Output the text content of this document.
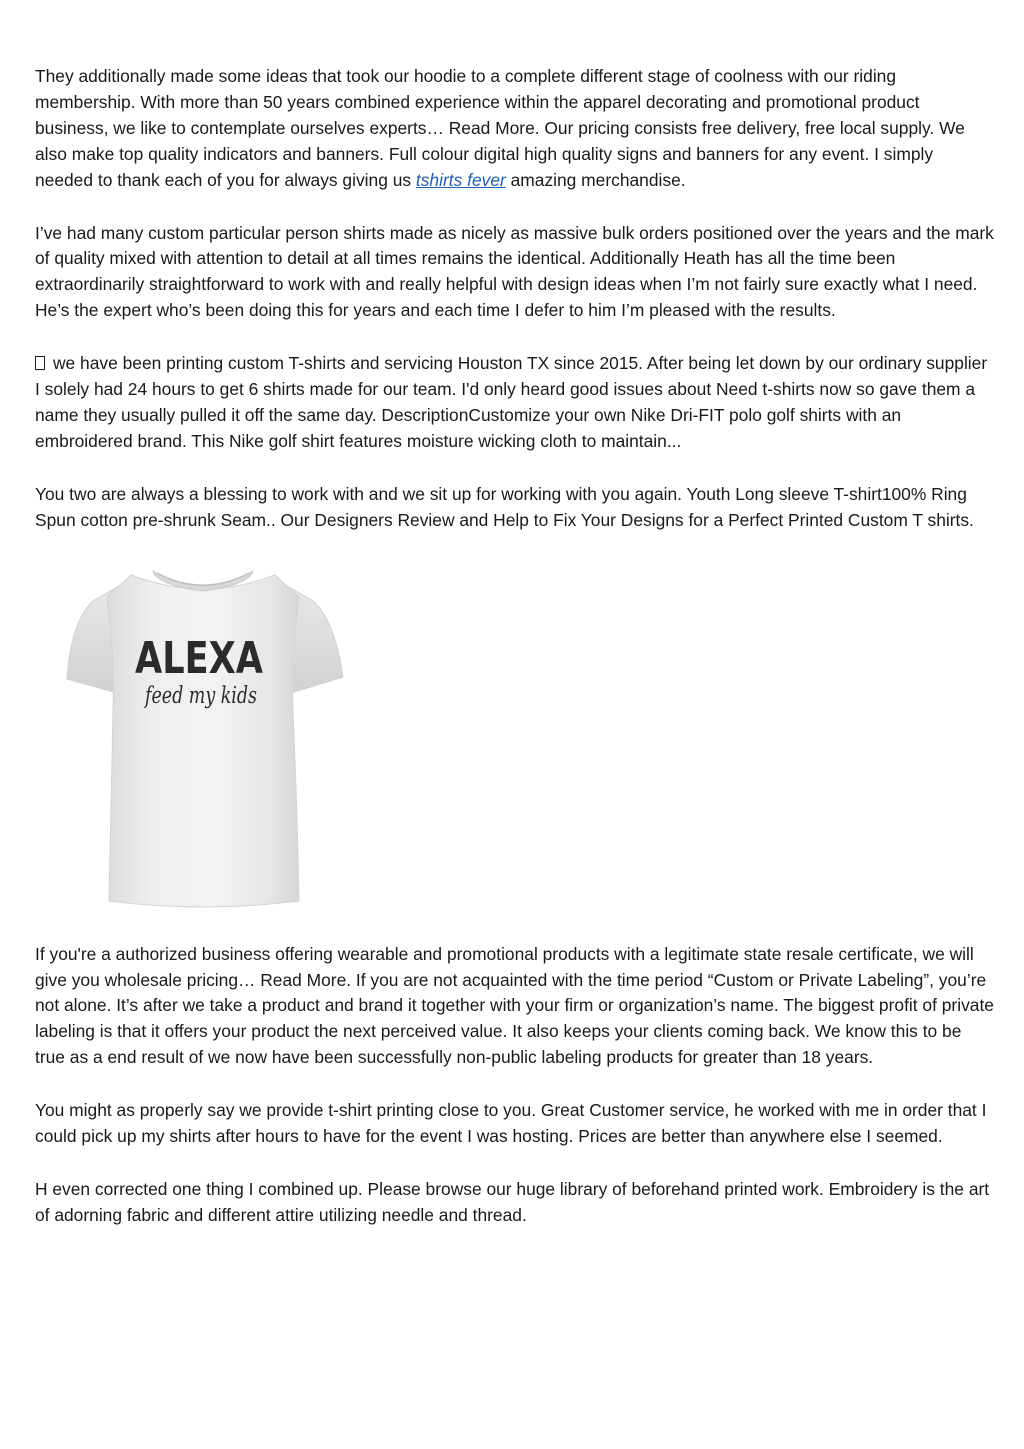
They additionally made some ideas that took our hoodie to a complete different stage of coolness with our riding membership. With more than 50 years combined experience within the apparel decorating and promotional product business, we like to contemplate ourselves experts… Read More. Our pricing consists free delivery, free local supply. We also make top quality indicators and banners. Full colour digital high quality signs and banners for any event. I simply needed to thank each of you for always giving us tshirts fever amazing merchandise.

I’ve had many custom particular person shirts made as nicely as massive bulk orders positioned over the years and the mark of quality mixed with attention to detail at all times remains the identical. Additionally Heath has all the time been extraordinarily straightforward to work with and really helpful with design ideas when I’m not fairly sure exactly what I need. He’s the expert who’s been doing this for years and each time I defer to him I’m pleased with the results.

we have been printing custom T-shirts and servicing Houston TX since 2015. After being let down by our ordinary supplier I solely had 24 hours to get 6 shirts made for our team. I'd only heard good issues about Need t-shirts now so gave them a name they usually pulled it off the same day. DescriptionCustomize your own Nike Dri-FIT polo golf shirts with an embroidered brand. This Nike golf shirt features moisture wicking cloth to maintain...

You two are always a blessing to work with and we sit up for working with you again. Youth Long sleeve T-shirt100% Ring Spun cotton pre-shrunk Seam.. Our Designers Review and Help to Fix Your Designs for a Perfect Printed Custom T shirts.

ALEXA
feed my kids

If you're a authorized business offering wearable and promotional products with a legitimate state resale certificate, we will give you wholesale pricing… Read More. If you are not acquainted with the time period “Custom or Private Labeling”, you’re not alone. It’s after we take a product and brand it together with your firm or organization’s name. The biggest profit of private labeling is that it offers your product the next perceived value. It also keeps your clients coming back. We know this to be true as a end result of we now have been successfully non-public labeling products for greater than 18 years.

You might as properly say we provide t-shirt printing close to you. Great Customer service, he worked with me in order that I could pick up my shirts after hours to have for the event I was hosting. Prices are better than anywhere else I seemed.

H even corrected one thing I combined up. Please browse our huge library of beforehand printed work. Embroidery is the art of adorning fabric and different attire utilizing needle and thread.
